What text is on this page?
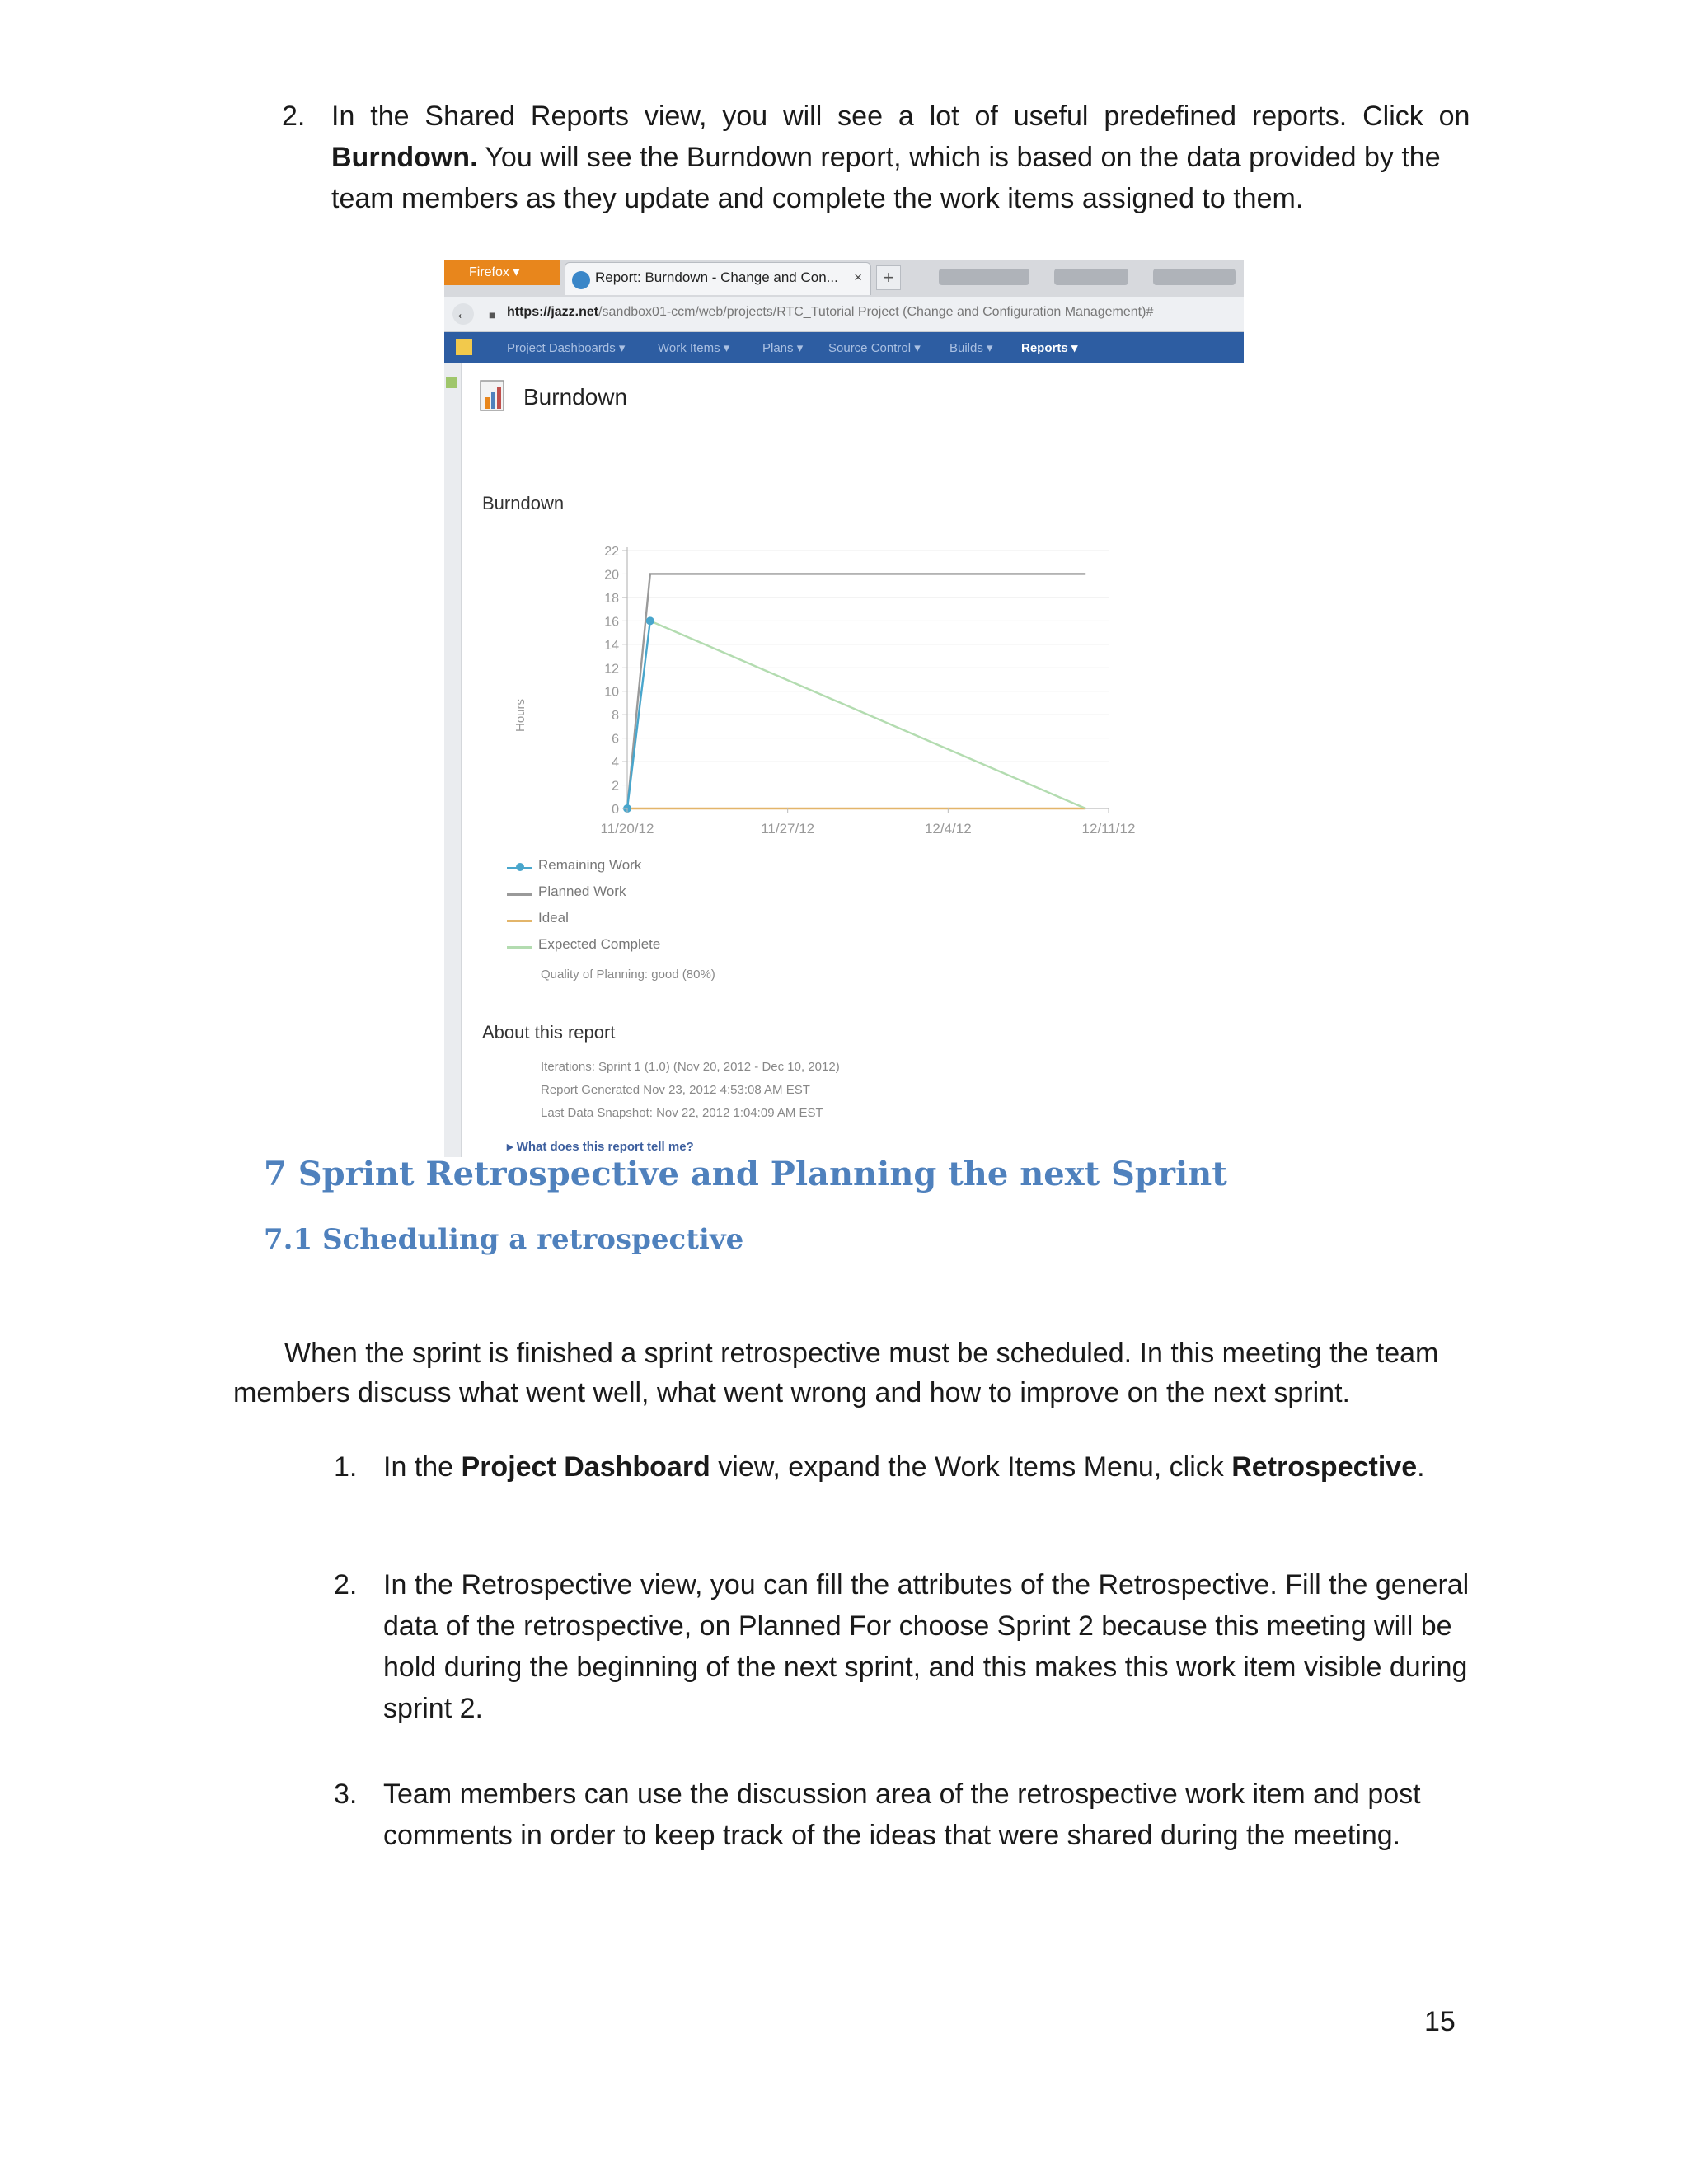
2. In  the  Shared  Reports  view,  you  will  see  a  lot  of  useful  predefined  reports.  Click  on
Burndown. You will see the Burndown report, which is based on the data provided by the
team members as they update and complete the work items assigned to them.
Firefox ▾	Report: Burndown - Change and Con... ×	+
← ■ https://jazz.net/sandbox01-ccm/web/projects/RTC_Tutorial Project (Change and Configuration Management)#
Project Dashboards ▾	Work Items ▾	Plans ▾ Source Control ▾ Builds ▾ Reports ▾
Burndown
Burndown
0
2
4
6
8
10
12
14
16
18
20
22
11/20/12	11/27/12	12/4/12	12/11/12
Hours
Remaining Work
Planned Work
Ideal
Expected Complete
Quality of Planning: good (80%)
About this report
Iterations: Sprint 1 (1.0) (Nov 20, 2012 - Dec 10, 2012)
Report Generated Nov 23, 2012 4:53:08 AM EST
Last Data Snapshot: Nov 22, 2012 1:04:09 AM EST
▸ What does this report tell me?
7 Sprint Retrospective and Planning the next Sprint
7.1 Scheduling a retrospective
When the sprint is finished a sprint retrospective must be scheduled. In this meeting the team
members discuss what went well, what went wrong and how to improve on the next sprint.
1. In the Project Dashboard view, expand the Work Items Menu, click Retrospective.
2. In the Retrospective view, you can fill the attributes of the Retrospective. Fill the general
data of the retrospective, on Planned For choose Sprint 2 because this meeting will be
hold during the beginning of the next sprint, and this makes this work item visible during
sprint 2.
3. Team members can use the discussion area of the retrospective work item and post
comments in order to keep track of the ideas that were shared during the meeting.
15
